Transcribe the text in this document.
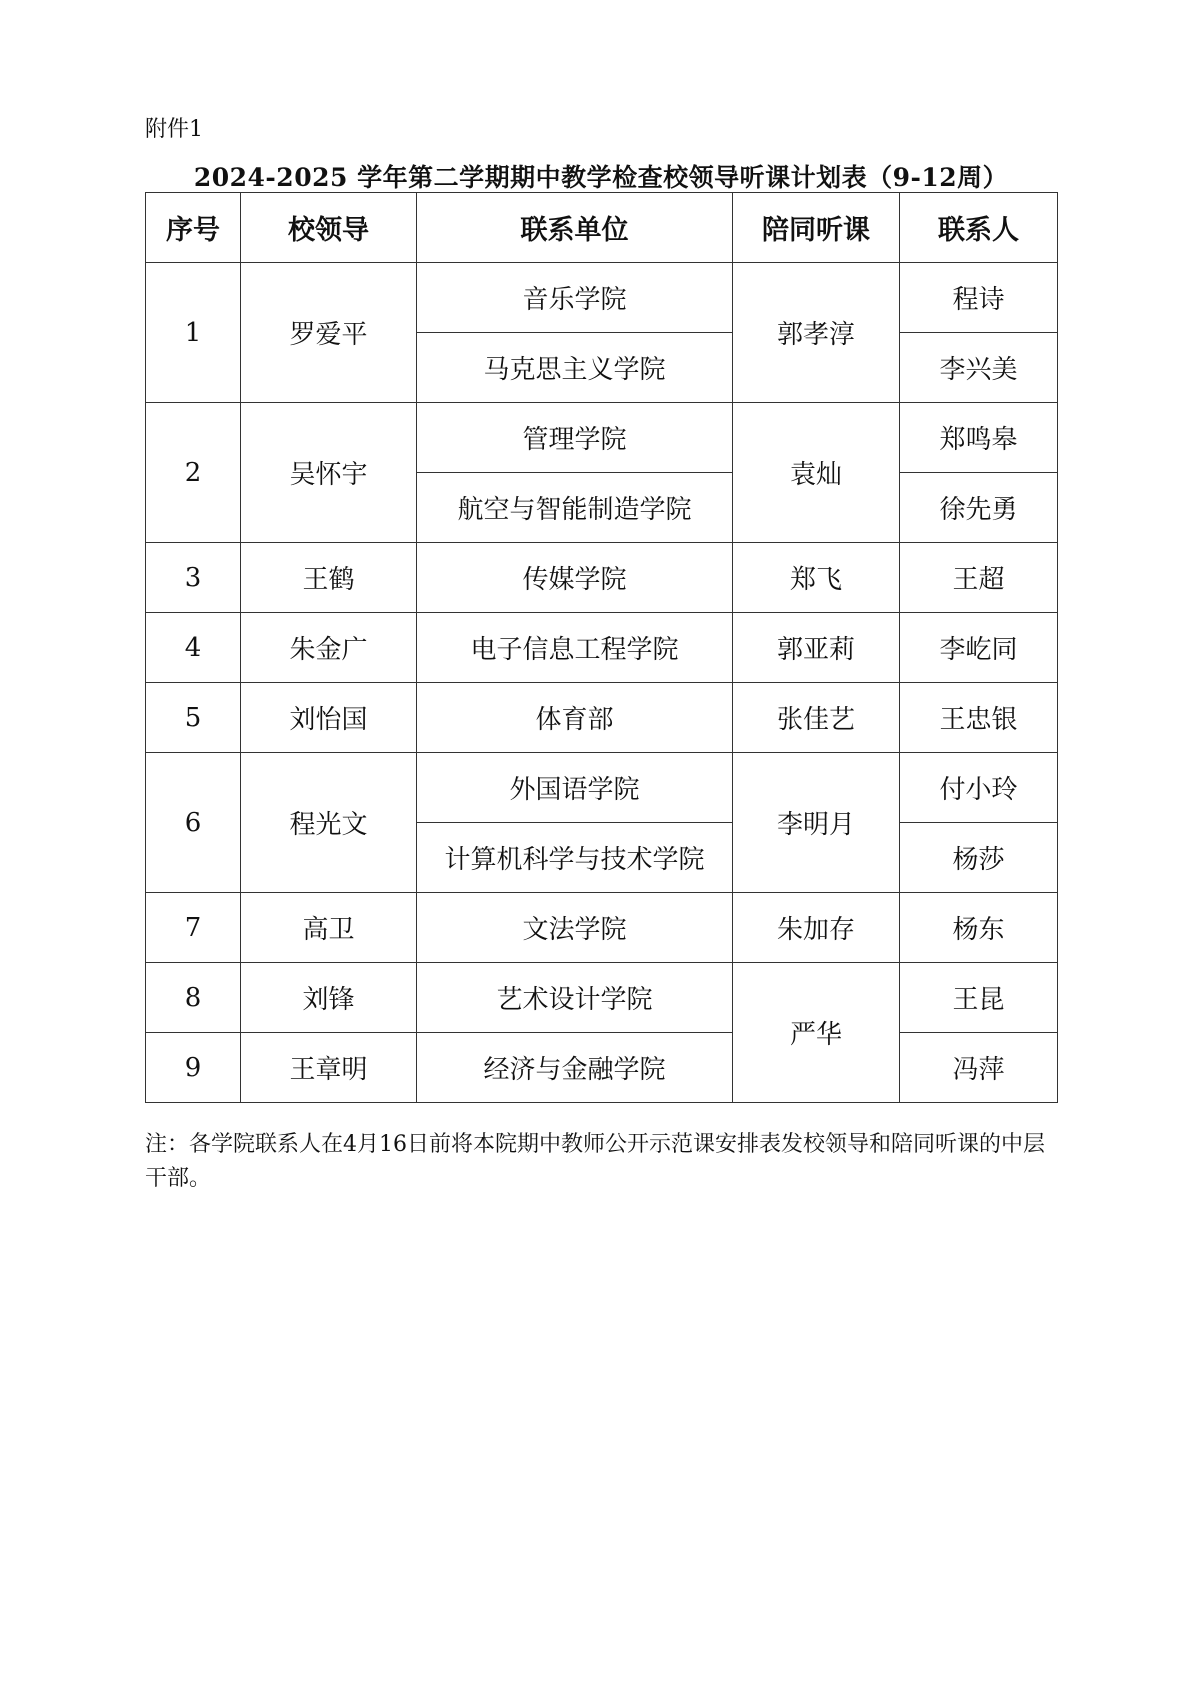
附件1
2024-2025 学年第二学期期中教学检查校领导听课计划表（9-12周）
序号	校领导	联系单位	陪同听课	联系人
1	罗爱平	音乐学院	郭孝淳	程诗
		马克思主义学院		李兴美
2	吴怀宇	管理学院	袁灿	郑鸣皋
		航空与智能制造学院		徐先勇
3	王鹤	传媒学院	郑飞	王超
4	朱金广	电子信息工程学院	郭亚莉	李屹同
5	刘怡国	体育部	张佳艺	王忠银
6	程光文	外国语学院	李明月	付小玲
		计算机科学与技术学院		杨莎
7	高卫	文法学院	朱加存	杨东
8	刘锋	艺术设计学院	严华	王昆
9	王章明	经济与金融学院		冯萍
注：各学院联系人在4月16日前将本院期中教师公开示范课安排表发校领导和陪同听课的中层干部。
